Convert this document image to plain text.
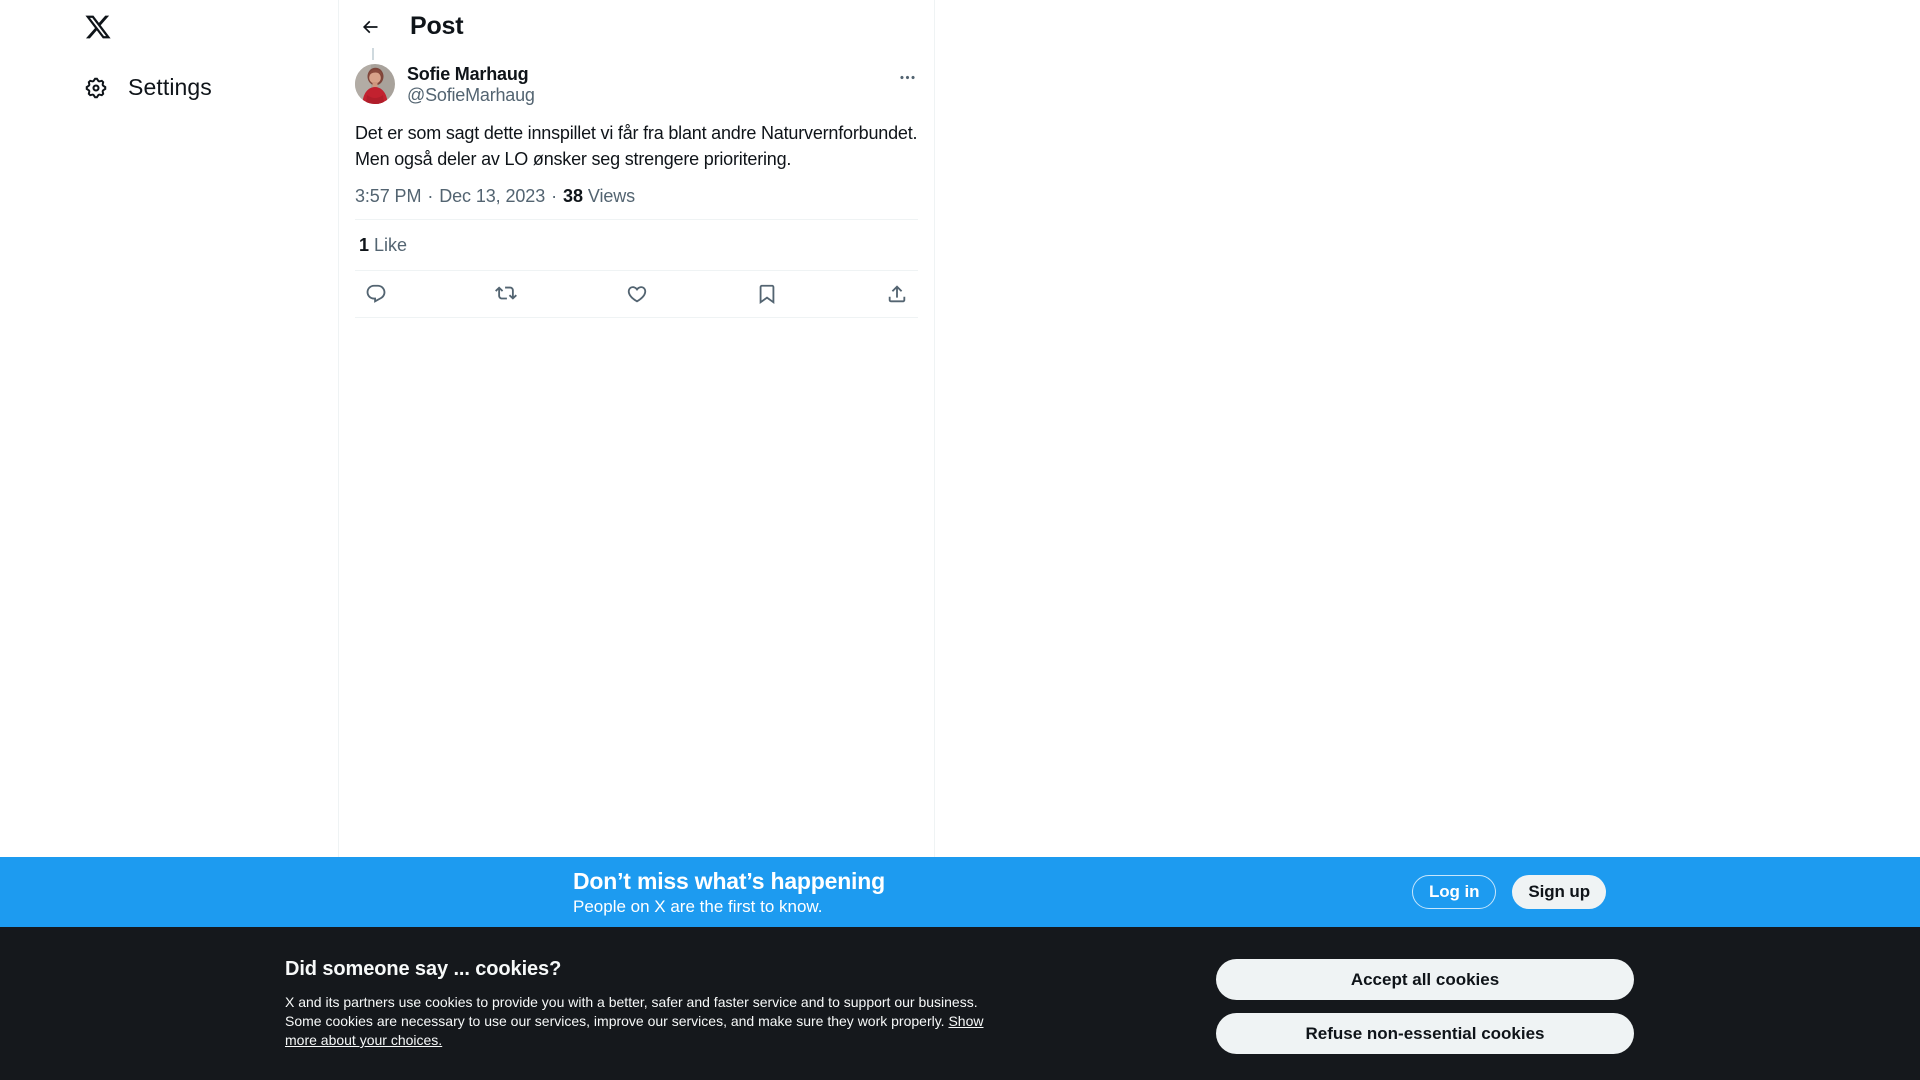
Settings
Post
Sofie Marhaug
@SofieMarhaug
Det er som sagt dette innspillet vi får fra blant andre Naturvernforbundet.
Men også deler av LO ønsker seg strengere prioritering.
3:57 PM · Dec 13, 2023 · 38 Views
1 Like
Don’t miss what’s happening
People on X are the first to know.
Log in	Sign up
Did someone say ... cookies?
X and its partners use cookies to provide you with a better, safer and faster service and to support our business. Some cookies are necessary to use our services, improve our services, and make sure they work properly. Show more about your choices.
Accept all cookies
Refuse non-essential cookies
